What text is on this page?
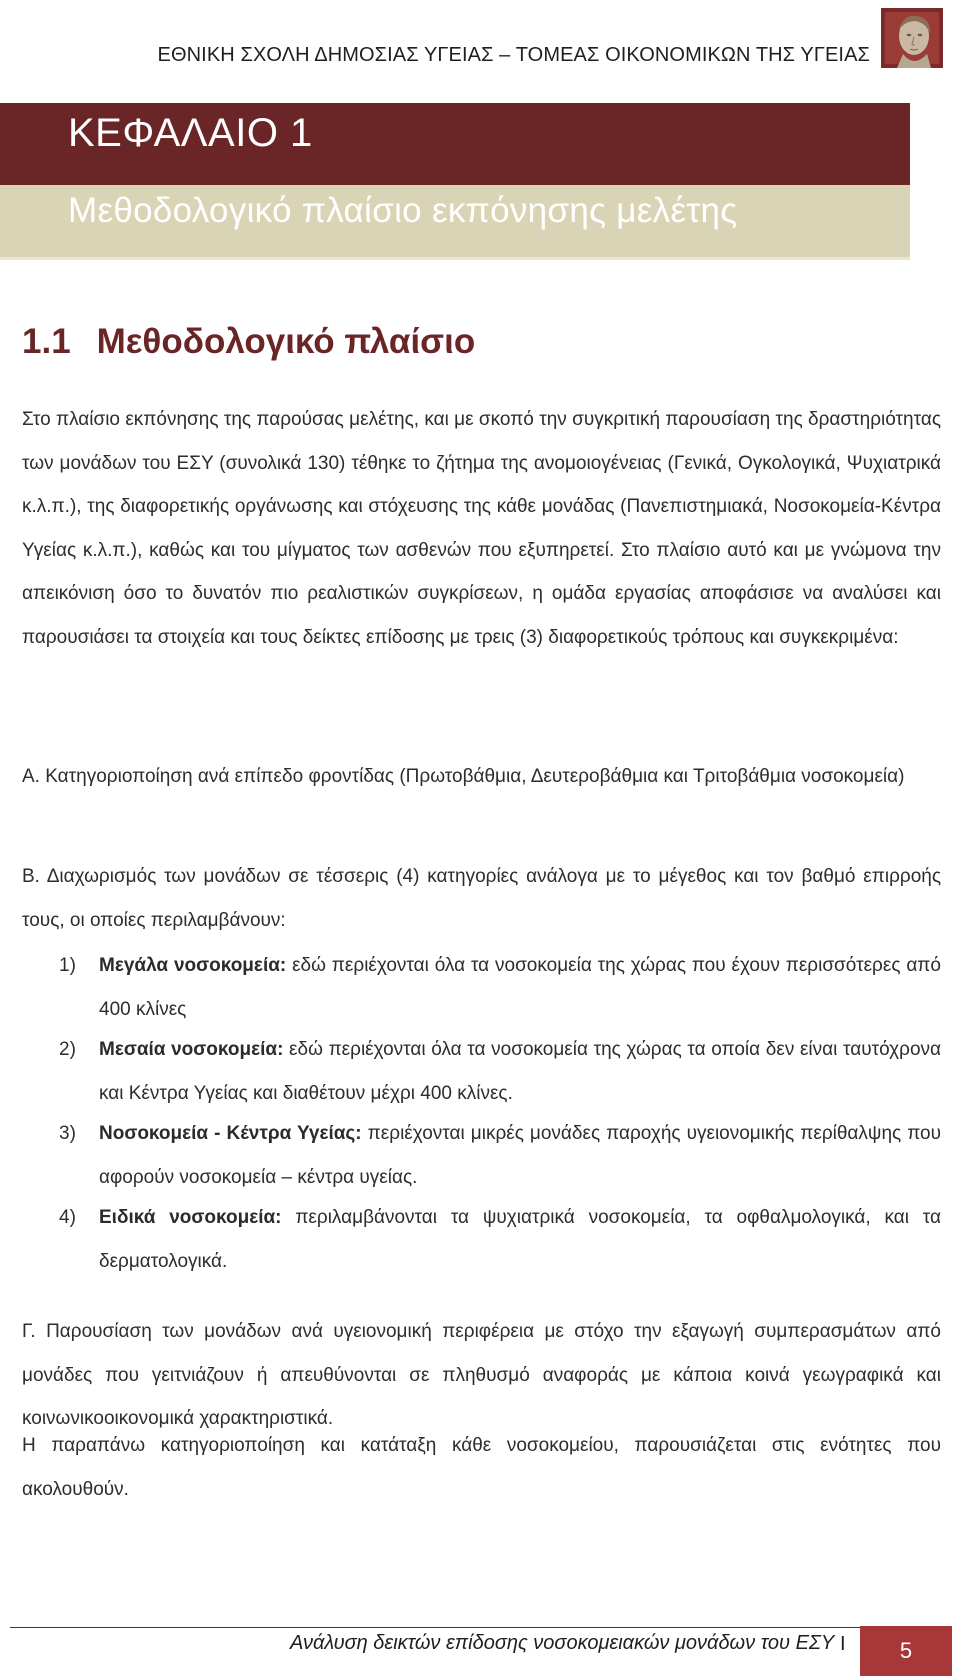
ΕΘΝΙΚΗ ΣΧΟΛΗ ΔΗΜΟΣΙΑΣ ΥΓΕΙΑΣ – ΤΟΜΕΑΣ ΟΙΚΟΝΟΜΙΚΩΝ ΤΗΣ ΥΓΕΙΑΣ
ΚΕΦΑΛΑΙΟ 1
Μεθοδολογικό πλαίσιο εκπόνησης μελέτης
1.1 Μεθοδολογικό πλαίσιο

Στο πλαίσιο εκπόνησης της παρούσας μελέτης, και με σκοπό την συγκριτική παρουσίαση της δραστηριότητας των μονάδων του ΕΣΥ (συνολικά 130) τέθηκε το ζήτημα της ανομοιογένειας (Γενικά, Ογκολογικά, Ψυχιατρικά κ.λ.π.), της διαφορετικής οργάνωσης και στόχευσης της κάθε μονάδας (Πανεπιστημιακά, Νοσοκομεία-Κέντρα Υγείας κ.λ.π.), καθώς και του μίγματος των ασθενών που εξυπηρετεί. Στο πλαίσιο αυτό και με γνώμονα την απεικόνιση όσο το δυνατόν πιο ρεαλιστικών συγκρίσεων, η ομάδα εργασίας αποφάσισε να αναλύσει και παρουσιάσει τα στοιχεία και τους δείκτες επίδοσης με τρεις (3) διαφορετικούς τρόπους και συγκεκριμένα:

Α. Κατηγοριοποίηση ανά επίπεδο φροντίδας (Πρωτοβάθμια, Δευτεροβάθμια και Τριτοβάθμια νοσοκομεία)

Β. Διαχωρισμός των μονάδων σε τέσσερις (4) κατηγορίες ανάλογα με το μέγεθος και τον βαθμό επιρροής τους, οι οποίες περιλαμβάνουν:

1) Μεγάλα νοσοκομεία: εδώ περιέχονται όλα τα νοσοκομεία της χώρας που έχουν περισσότερες από 400 κλίνες
2) Μεσαία νοσοκομεία: εδώ περιέχονται όλα τα νοσοκομεία της χώρας τα οποία δεν είναι ταυτόχρονα και Κέντρα Υγείας και διαθέτουν μέχρι 400 κλίνες.
3) Νοσοκομεία - Κέντρα Υγείας: περιέχονται μικρές μονάδες παροχής υγειονομικής περίθαλψης που αφορούν νοσοκομεία – κέντρα υγείας.
4) Ειδικά νοσοκομεία: περιλαμβάνονται τα ψυχιατρικά νοσοκομεία, τα οφθαλμολογικά, και τα δερματολογικά.

Γ. Παρουσίαση των μονάδων ανά υγειονομική περιφέρεια με στόχο την εξαγωγή συμπερασμάτων από μονάδες που γειτνιάζουν ή απευθύνονται σε πληθυσμό αναφοράς με κάποια κοινά γεωγραφικά και κοινωνικοοικονομικά χαρακτηριστικά.

Η παραπάνω κατηγοριοποίηση και κατάταξη κάθε νοσοκομείου, παρουσιάζεται στις ενότητες που ακολουθούν.

Ανάλυση δεικτών επίδοσης νοσοκομειακών μονάδων του ΕΣΥ I	5
